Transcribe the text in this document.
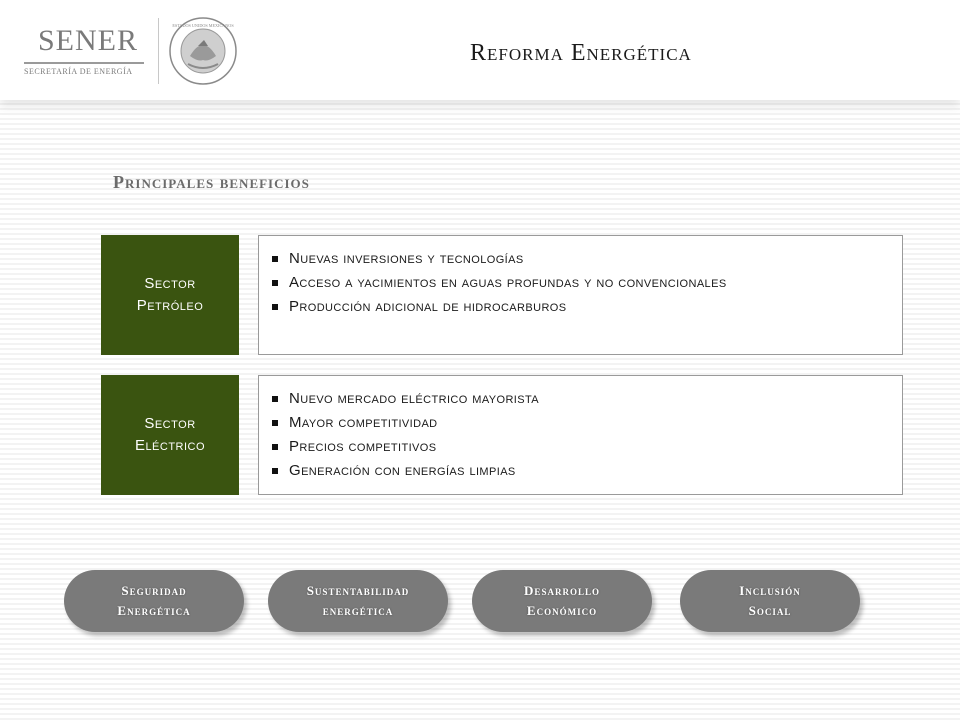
SENER
SECRETARÍA DE ENERGÍA
ESTADOS UNIDOS MEXICANOS
Reforma Energética
Principales beneficios
Sector
Petróleo
Nuevas inversiones y tecnologías
Acceso a yacimientos en aguas profundas y no convencionales
Producción adicional de hidrocarburos
Sector
Eléctrico
Nuevo mercado eléctrico mayorista
Mayor competitividad
Precios competitivos
Generación con energías limpias
Seguridad
Energética
Sustentabilidad
energética
Desarrollo
Económico
Inclusión
Social
